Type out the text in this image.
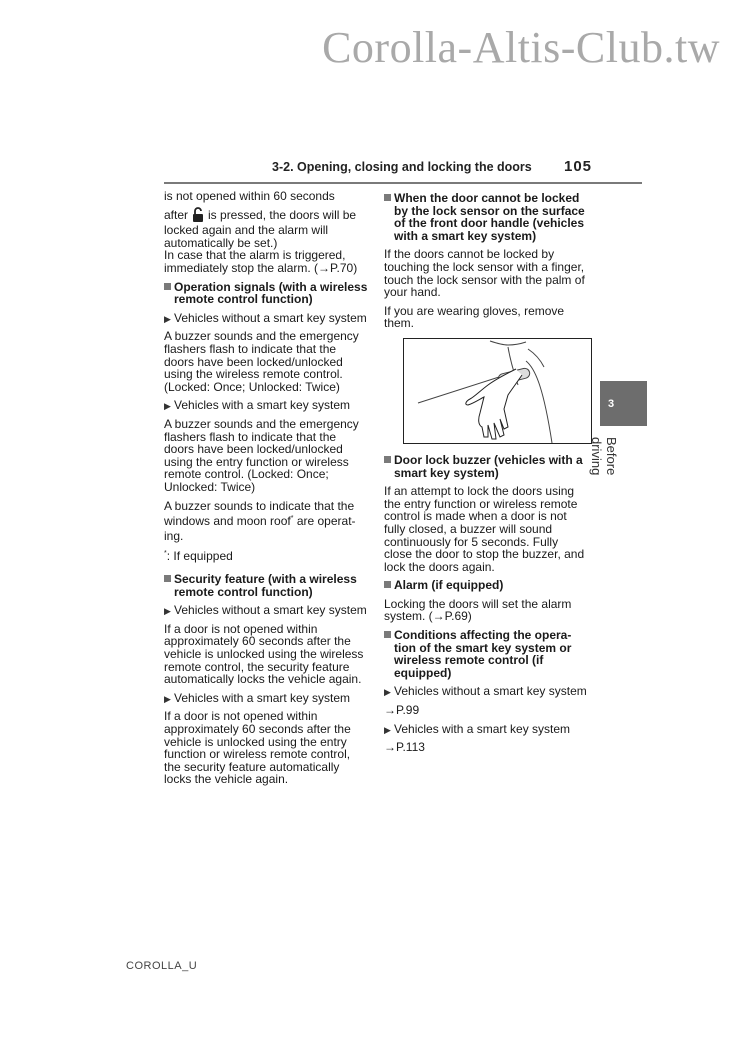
Corolla-Altis-Club.tw
3-2. Opening, closing and locking the doors	105

is not opened within 60 seconds

after is pressed, the doors will be locked again and the alarm will automatically be set.)

In case that the alarm is triggered, immediately stop the alarm. (→P.70)

Operation signals (with a wireless remote control function)
▶ Vehicles without a smart key system

A buzzer sounds and the emergency flashers flash to indicate that the doors have been locked/unlocked using the wireless remote control. (Locked: Once; Unlocked: Twice)

▶ Vehicles with a smart key system

A buzzer sounds and the emergency flashers flash to indicate that the doors have been locked/unlocked using the entry function or wireless remote control. (Locked: Once; Unlocked: Twice)

A buzzer sounds to indicate that the windows and moon roof* are operating.

*: If equipped

Security feature (with a wireless remote control function)
▶ Vehicles without a smart key system

If a door is not opened within approximately 60 seconds after the vehicle is unlocked using the wireless remote control, the security feature automatically locks the vehicle again.

▶ Vehicles with a smart key system

If a door is not opened within approximately 60 seconds after the vehicle is unlocked using the entry function or wireless remote control, the security feature automatically locks the vehicle again.

When the door cannot be locked by the lock sensor on the surface of the front door handle (vehicles with a smart key system)

If the doors cannot be locked by touching the lock sensor with a finger, touch the lock sensor with the palm of your hand.

If you are wearing gloves, remove them.

Door lock buzzer (vehicles with a smart key system)

If an attempt to lock the doors using the entry function or wireless remote control is made when a door is not fully closed, a buzzer will sound continuously for 5 seconds. Fully close the door to stop the buzzer, and lock the doors again.

Alarm (if equipped)

Locking the doors will set the alarm system. (→P.69)

Conditions affecting the operation of the smart key system or wireless remote control (if equipped)
▶ Vehicles without a smart key system

→P.99

▶ Vehicles with a smart key system

→P.113

3
Before driving
COROLLA_U
